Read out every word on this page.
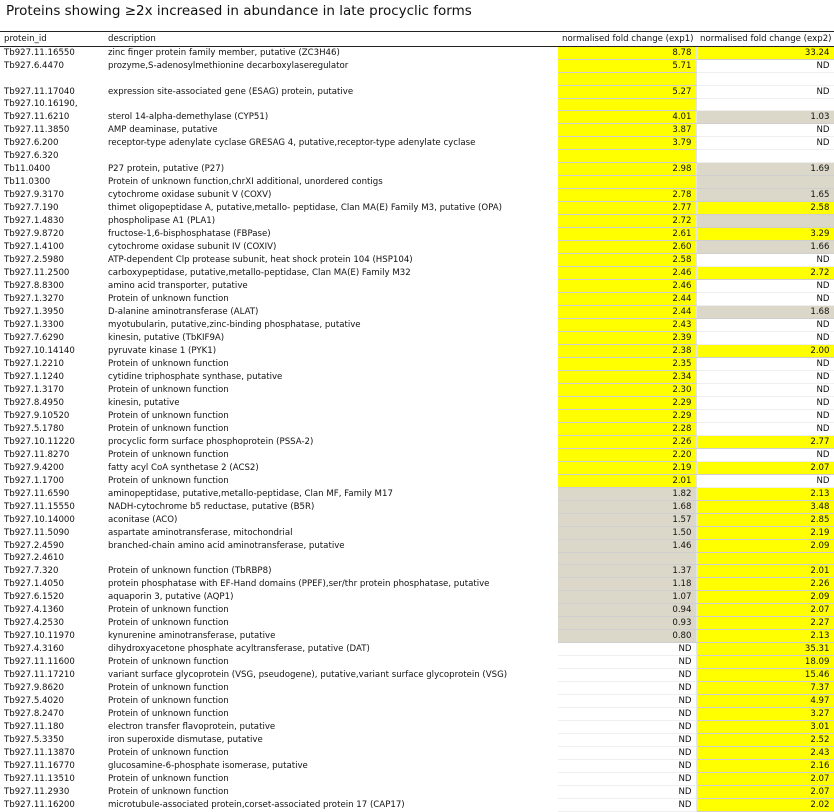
Proteins showing ≥2x increased in abundance in late procyclic forms
protein_id	description	normalised fold change (exp1)	normalised fold change (exp2)
Tb927.11.16550	zinc finger protein family member, putative (ZC3H46)	8.78	33.24
Tb927.6.4470	prozyme,S-adenosylmethionine decarboxylaseregulator	5.71	ND

Tb927.11.17040	expression site-associated gene (ESAG) protein, putative	5.27	ND
Tb927.10.16190,			
Tb927.11.6210	sterol 14-alpha-demethylase (CYP51)	4.01	1.03
Tb927.11.3850	AMP deaminase, putative	3.87	ND
Tb927.6.200	receptor-type adenylate cyclase GRESAG 4, putative,receptor-type adenylate cyclase	3.79	ND
Tb927.6.320			
Tb11.0400	P27 protein, putative (P27)	2.98	1.69
Tb11.0300	Protein of unknown function,chrXI additional, unordered contigs		
Tb927.9.3170	cytochrome oxidase subunit V (COXV)	2.78	1.65
Tb927.7.190	thimet oligopeptidase A, putative,metallo- peptidase, Clan MA(E) Family M3, putative (OPA)	2.77	2.58
Tb927.1.4830	phospholipase A1 (PLA1)	2.72	
Tb927.9.8720	fructose-1,6-bisphosphatase (FBPase)	2.61	3.29
Tb927.1.4100	cytochrome oxidase subunit IV (COXIV)	2.60	1.66
Tb927.2.5980	ATP-dependent Clp protease subunit, heat shock protein 104 (HSP104)	2.58	ND
Tb927.11.2500	carboxypeptidase, putative,metallo-peptidase, Clan MA(E) Family M32	2.46	2.72
Tb927.8.8300	amino acid transporter, putative	2.46	ND
Tb927.1.3270	Protein of unknown function	2.44	ND
Tb927.1.3950	D-alanine aminotransferase (ALAT)	2.44	1.68
Tb927.1.3300	myotubularin, putative,zinc-binding phosphatase, putative	2.43	ND
Tb927.7.6290	kinesin, putative (TbKIF9A)	2.39	ND
Tb927.10.14140	pyruvate kinase 1 (PYK1)	2.38	2.00
Tb927.1.2210	Protein of unknown function	2.35	ND
Tb927.1.1240	cytidine triphosphate synthase, putative	2.34	ND
Tb927.1.3170	Protein of unknown function	2.30	ND
Tb927.8.4950	kinesin, putative	2.29	ND
Tb927.9.10520	Protein of unknown function	2.29	ND
Tb927.5.1780	Protein of unknown function	2.28	ND
Tb927.10.11220	procyclic form surface phosphoprotein (PSSA-2)	2.26	2.77
Tb927.11.8270	Protein of unknown function	2.20	ND
Tb927.9.4200	fatty acyl CoA synthetase 2 (ACS2)	2.19	2.07
Tb927.1.1700	Protein of unknown function	2.01	ND
Tb927.11.6590	aminopeptidase, putative,metallo-peptidase, Clan MF, Family M17	1.82	2.13
Tb927.11.15550	NADH-cytochrome b5 reductase, putative (B5R)	1.68	3.48
Tb927.10.14000	aconitase (ACO)	1.57	2.85
Tb927.11.5090	aspartate aminotransferase, mitochondrial	1.50	2.19
Tb927.2.4590	branched-chain amino acid aminotransferase, putative	1.46	2.09
Tb927.2.4610			
Tb927.7.320	Protein of unknown function (TbRBP8)	1.37	2.01
Tb927.1.4050	protein phosphatase with EF-Hand domains (PPEF),ser/thr protein phosphatase, putative	1.18	2.26
Tb927.6.1520	aquaporin 3, putative (AQP1)	1.07	2.09
Tb927.4.1360	Protein of unknown function	0.94	2.07
Tb927.4.2530	Protein of unknown function	0.93	2.27
Tb927.10.11970	kynurenine aminotransferase, putative	0.80	2.13
Tb927.4.3160	dihydroxyacetone phosphate acyltransferase, putative (DAT)	ND	35.31
Tb927.11.11600	Protein of unknown function	ND	18.09
Tb927.11.17210	variant surface glycoprotein (VSG, pseudogene), putative,variant surface glycoprotein (VSG)	ND	15.46
Tb927.9.8620	Protein of unknown function	ND	7.37
Tb927.5.4020	Protein of unknown function	ND	4.97
Tb927.8.2470	Protein of unknown function	ND	3.27
Tb927.11.180	electron transfer flavoprotein, putative	ND	3.01
Tb927.5.3350	iron superoxide dismutase, putative	ND	2.52
Tb927.11.13870	Protein of unknown function	ND	2.43
Tb927.11.16770	glucosamine-6-phosphate isomerase, putative	ND	2.16
Tb927.11.13510	Protein of unknown function	ND	2.07
Tb927.11.2930	Protein of unknown function	ND	2.07
Tb927.11.16200	microtubule-associated protein,corset-associated protein 17 (CAP17)	ND	2.02
